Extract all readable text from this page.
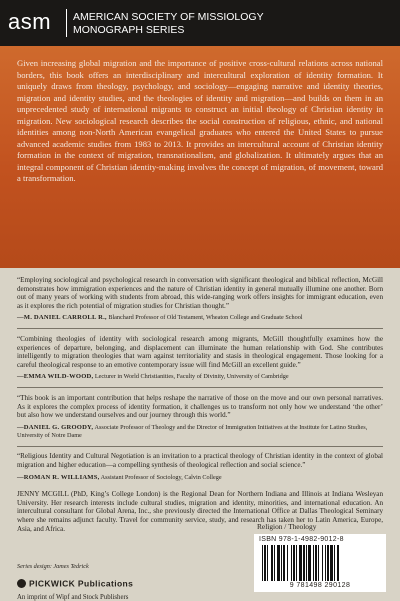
asm AMERICAN SOCIETY OF MISSIOLOGY
MONOGRAPH SERIES
Given increasing global migration and the importance of positive cross-cultural relations across national borders, this book offers an interdisciplinary and intercultural exploration of identity formation. It uniquely draws from theology, psychology, and sociology—engaging narrative and identity theories, migration and identity studies, and the theologies of identity and migration—and builds on them in an unprecedented study of international migrants to construct an initial theology of Christian identity in migration. New sociological research describes the social construction of religious, ethnic, and national identities among non-North American evangelical graduates who entered the United States to pursue advanced academic studies from 1983 to 2013. It provides an intercultural account of Christian identity formation in the context of migration, transnationalism, and globalization. It ultimately argues that an integral component of Christian identity-making involves the concept of migration, of movement, toward a transformation.
“Employing sociological and psychological research in conversation with significant theological and biblical reflection, McGill demonstrates how immigration experiences and the nature of Christian identity in general mutually illumine one another. Born out of many years of working with students from abroad, this wide-ranging work offers insights for immigrant education, even as it explores the rich potential of migration studies for Christian thought.”
—M. DANIEL CARROLL R., Blanchard Professor of Old Testament, Wheaton College and Graduate School
“Combining theologies of identity with sociological research among migrants, McGill thoughtfully examines how the experiences of departure, belonging, and displacement can illuminate the human relationship with God. She contributes intelligently to migration theologies that warn against territoriality and stasis in theological engagement. Those looking for a careful theological response to an emotive contemporary issue will find McGill an excellent guide.”
—EMMA WILD-WOOD, Lecturer in World Christianities, Faculty of Divinity, University of Cambridge
“This book is an important contribution that helps reshape the narrative of those on the move and our own personal narratives. As it explores the complex process of identity formation, it challenges us to transform not only how we understand ‘the other’ but also how we understand ourselves and our journey through this world.”
—DANIEL G. GROODY, Associate Professor of Theology and the Director of Immigration Initiatives at the Institute for Latino Studies, University of Notre Dame
“Religious Identity and Cultural Negotiation is an invitation to a practical theology of Christian identity in the context of global migration and higher education—a compelling synthesis of theological reflection and social science.”
—ROMAN R. WILLIAMS, Assistant Professor of Sociology, Calvin College
JENNY MCGILL (PhD, King’s College London) is the Regional Dean for Northern Indiana and Illinois at Indiana Wesleyan University. Her research interests include cultural studies, migration and identity, minorities, and international education. An intercultural consultant for Global Arena, Inc., she previously directed the International Office at Dallas Theological Seminary where she remains adjunct faculty. Travel for community service, study, and research has taken her to Latin America, Europe, Asia, and Africa.
Series design: James Tedrick
PICKWICK Publications
An imprint of Wipf and Stock Publishers
Religion / Theology
ISBN 978-1-4982-9012-8
9 781498 290128
